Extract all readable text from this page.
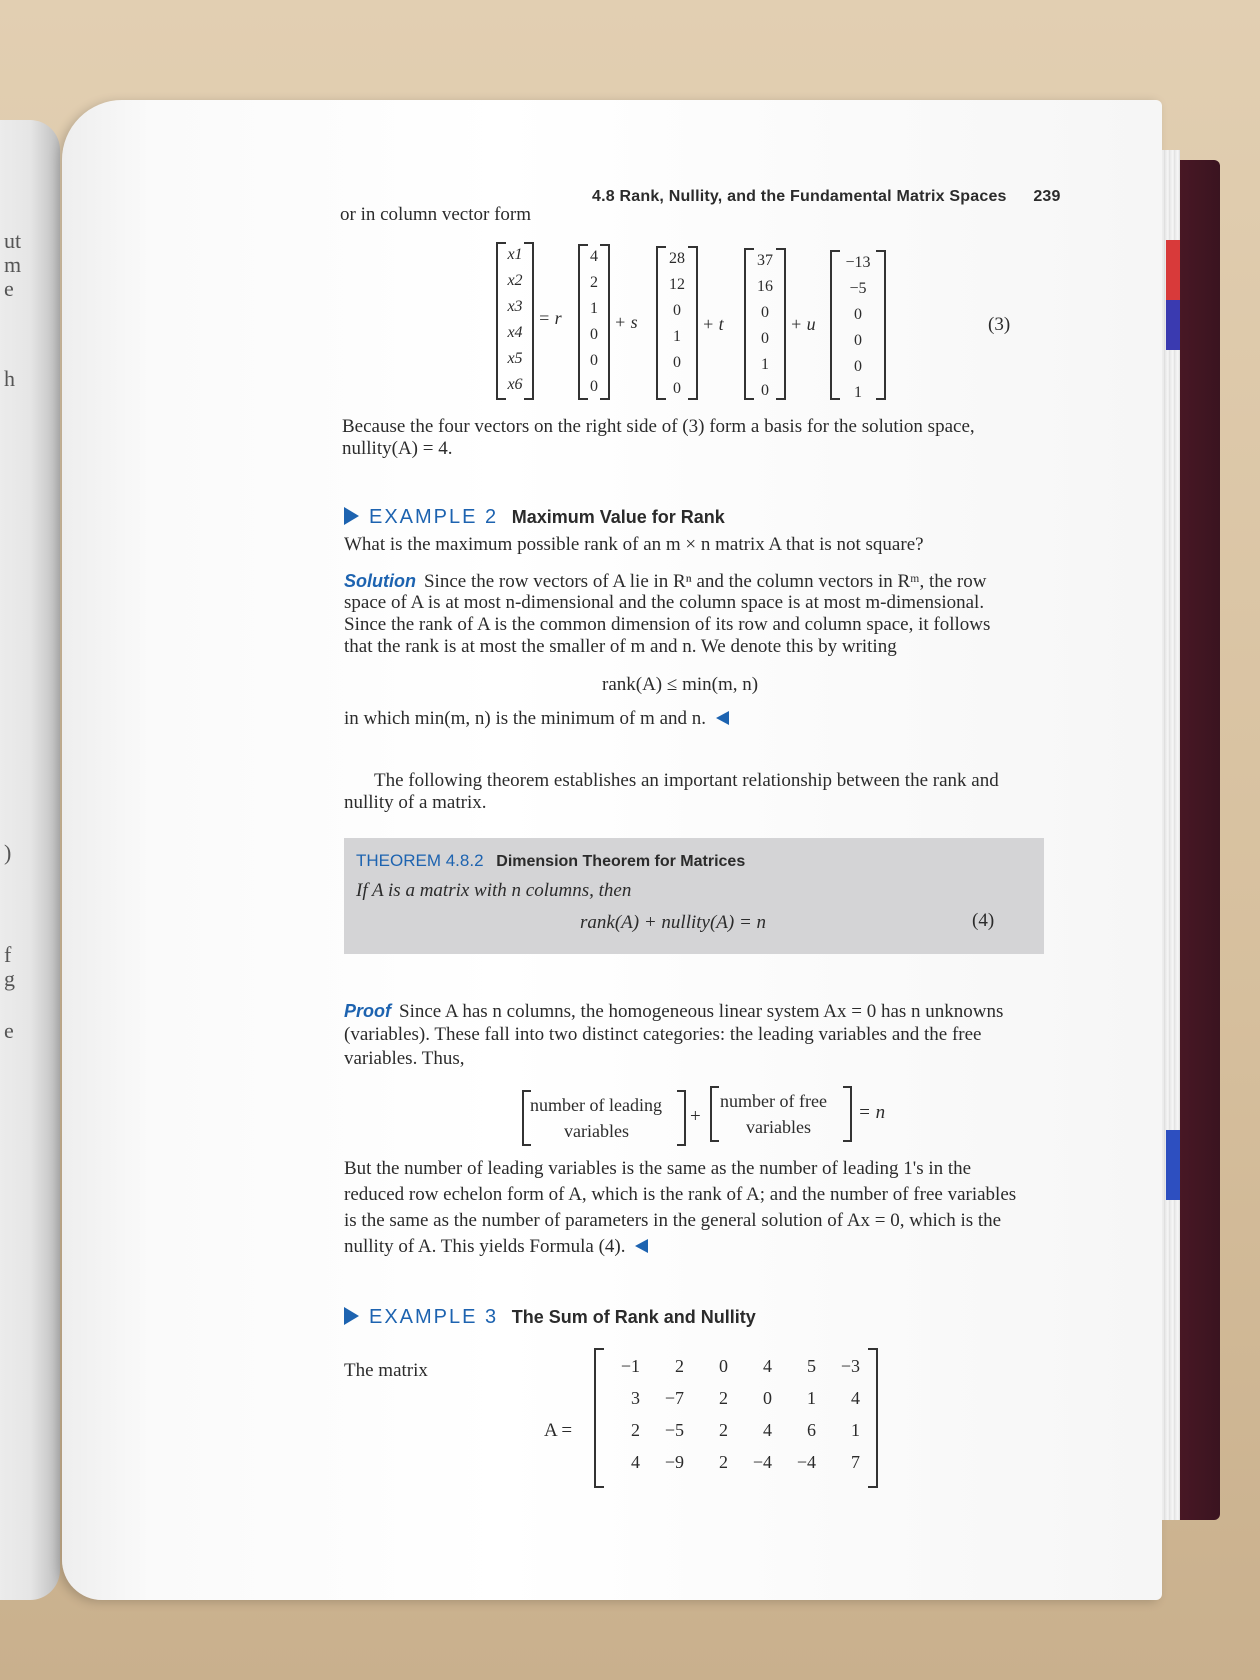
ut
m
e
h
)
f
g
e
4.8 Rank, Nullity, and the Fundamental Matrix Spaces 239
or in column vector form
x1
x2
x3
x4
x5
x6
= r
4
2
1
0
0
0
+ s
28
12
0
1
0
0
+ t
37
16
0
0
1
0
+ u
−13
−5
0
0
0
1
(3)
Because the four vectors on the right side of (3) form a basis for the solution space,
nullity(A) = 4.
EXAMPLE 2 Maximum Value for Rank
What is the maximum possible rank of an m × n matrix A that is not square?
Solution Since the row vectors of A lie in Rⁿ and the column vectors in Rᵐ, the row
space of A is at most n-dimensional and the column space is at most m-dimensional.
Since the rank of A is the common dimension of its row and column space, it follows
that the rank is at most the smaller of m and n. We denote this by writing
rank(A) ≤ min(m, n)
in which min(m, n) is the minimum of m and n.
The following theorem establishes an important relationship between the rank and
nullity of a matrix.
THEOREM 4.8.2 Dimension Theorem for Matrices
If A is a matrix with n columns, then
rank(A) + nullity(A) = n	(4)
Proof Since A has n columns, the homogeneous linear system Ax = 0 has n unknowns
(variables). These fall into two distinct categories: the leading variables and the free
variables. Thus,
number of leading
variables
+
number of free
variables
= n
But the number of leading variables is the same as the number of leading 1's in the
reduced row echelon form of A, which is the rank of A; and the number of free variables
is the same as the number of parameters in the general solution of Ax = 0, which is the
nullity of A. This yields Formula (4).
EXAMPLE 3 The Sum of Rank and Nullity
The matrix
A =
−1	2	0	4	5	−3
3	−7	2	0	1	4
2	−5	2	4	6	1
4	−9	2	−4	−4	7
